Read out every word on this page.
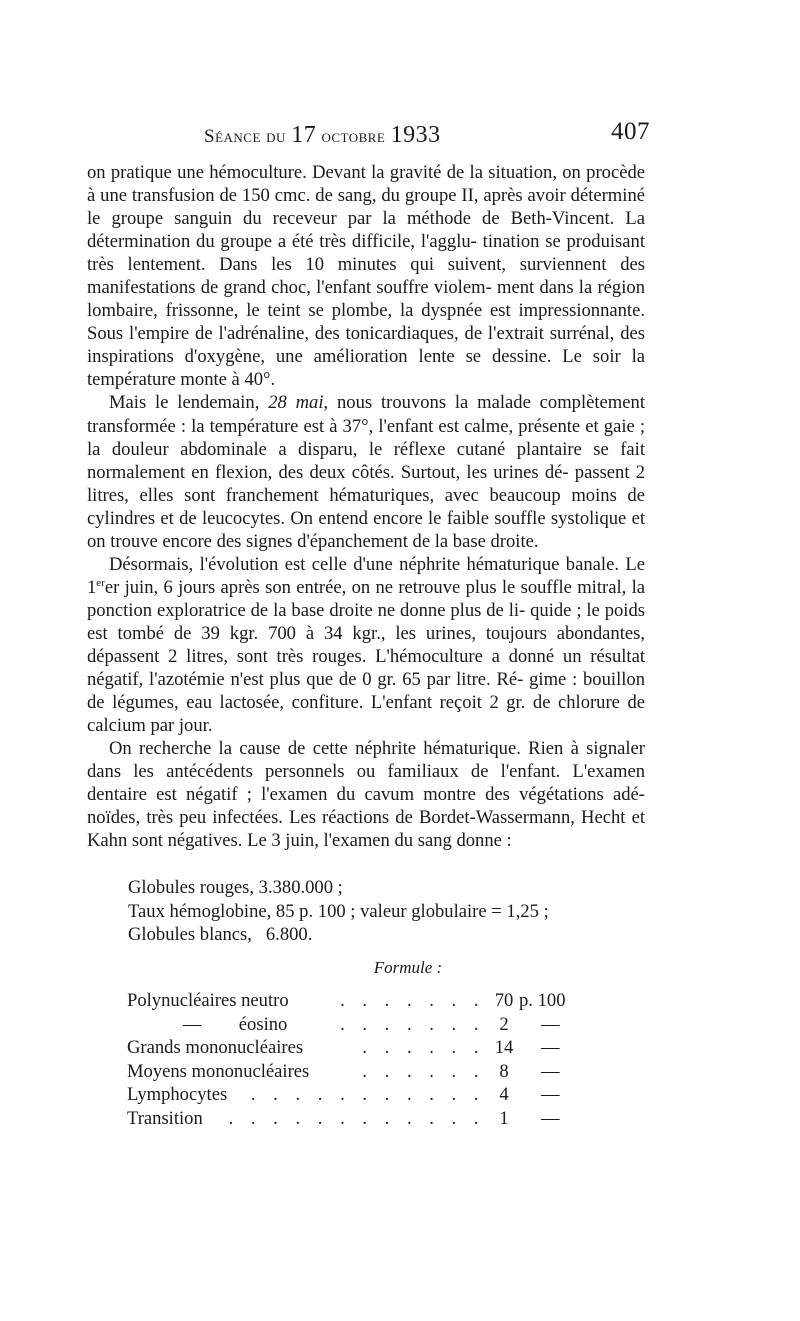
Séance du 17 octobre 1933	407

on pratique une hémoculture. Devant la gravité de la situation, on procède à une transfusion de 150 cmc. de sang, du groupe II, après avoir déterminé le groupe sanguin du receveur par la méthode de Beth-Vincent. La détermination du groupe a été très difficile, l'agglu- tination se produisant très lentement. Dans les 10 minutes qui suivent, surviennent des manifestations de grand choc, l'enfant souffre violem- ment dans la région lombaire, frissonne, le teint se plombe, la dyspnée est impressionnante. Sous l'empire de l'adrénaline, des tonicardiaques, de l'extrait surrénal, des inspirations d'oxygène, une amélioration lente se dessine. Le soir la température monte à 40°.

Mais le lendemain, 28 mai, nous trouvons la malade complètement transformée : la température est à 37°, l'enfant est calme, présente et gaie ; la douleur abdominale a disparu, le réflexe cutané plantaire se fait normalement en flexion, des deux côtés. Surtout, les urines dé- passent 2 litres, elles sont franchement hématuriques, avec beaucoup moins de cylindres et de leucocytes. On entend encore le faible souffle systolique et on trouve encore des signes d'épanchement de la base droite.

Désormais, l'évolution est celle d'une néphrite hématurique banale. Le 1erer juin, 6 jours après son entrée, on ne retrouve plus le souffle mitral, la ponction exploratrice de la base droite ne donne plus de li- quide ; le poids est tombé de 39 kgr. 700 à 34 kgr., les urines, toujours abondantes, dépassent 2 litres, sont très rouges. L'hémoculture a donné un résultat négatif, l'azotémie n'est plus que de 0 gr. 65 par litre. Ré- gime : bouillon de légumes, eau lactosée, confiture. L'enfant reçoit 2 gr. de chlorure de calcium par jour.

On recherche la cause de cette néphrite hématurique. Rien à signaler dans les antécédents personnels ou familiaux de l'enfant. L'examen dentaire est négatif ; l'examen du cavum montre des végétations adé- noïdes, très peu infectées. Les réactions de Bordet-Wassermann, Hecht et Kahn sont négatives. Le 3 juin, l'examen du sang donne :

Globules rouges, 3.380.000 ;
Taux hémoglobine, 85 p. 100 ; valeur globulaire = 1,25 ;
Globules blancs,   6.800.
Formule :
Polynucléaires neutro	. . . . . . . 70 p. 100
—        éosino	. . . . . . . 2	—
Grands mononucléaires	. . . . . . 14 —
Moyens mononucléaires	. . . . . . 8	—
Lymphocytes . . . . . . . . . . . 4	—
Transition . . . . . . . . . . . . 1	—
